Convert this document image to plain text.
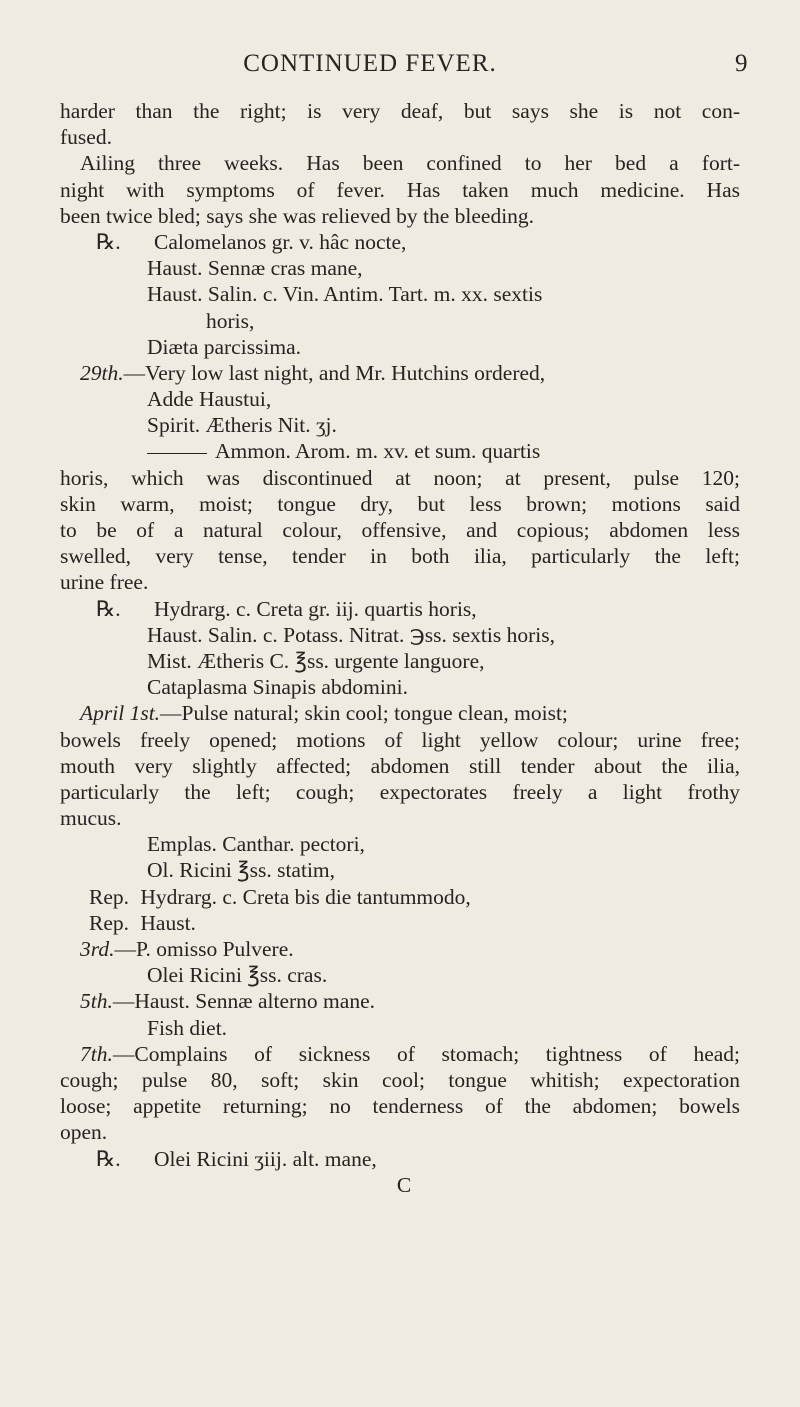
CONTINUED FEVER.	9
harder than the right; is very deaf, but says she is not con-
fused.
Ailing three weeks. Has been confined to her bed a fort-
night with symptoms of fever. Has taken much medicine. Has
been twice bled; says she was relieved by the bleeding.
℞. Calomelanos gr. v. hâc nocte,
Haust. Sennæ cras mane,
Haust. Salin. c. Vin. Antim. Tart. m. xx. sextis
horis,
Diæta parcissima.
29th.—Very low last night, and Mr. Hutchins ordered,
Adde Haustui,
Spirit. Ætheris Nit. ʒj.
Ammon. Arom. m. xv. et sum. quartis
horis, which was discontinued at noon; at present, pulse 120;
skin warm, moist; tongue dry, but less brown; motions said
to be of a natural colour, offensive, and copious; abdomen less
swelled, very tense, tender in both ilia, particularly the left;
urine free.
℞. Hydrarg. c. Creta gr. iij. quartis horis,
Haust. Salin. c. Potass. Nitrat. ℈ss. sextis horis,
Mist. Ætheris C. ℥ss. urgente languore,
Cataplasma Sinapis abdomini.
April 1st.—Pulse natural; skin cool; tongue clean, moist;
bowels freely opened; motions of light yellow colour; urine free;
mouth very slightly affected; abdomen still tender about the ilia,
particularly the left; cough; expectorates freely a light frothy
mucus.
Emplas. Canthar. pectori,
Ol. Ricini ℥ss. statim,
Rep. Hydrarg. c. Creta bis die tantummodo,
Rep. Haust.
3rd.—P. omisso Pulvere.
Olei Ricini ℥ss. cras.
5th.—Haust. Sennæ alterno mane.
Fish diet.
7th.—Complains of sickness of stomach; tightness of head;
cough; pulse 80, soft; skin cool; tongue whitish; expectoration
loose; appetite returning; no tenderness of the abdomen; bowels
open.
℞. Olei Ricini ʒiij. alt. mane,
C
